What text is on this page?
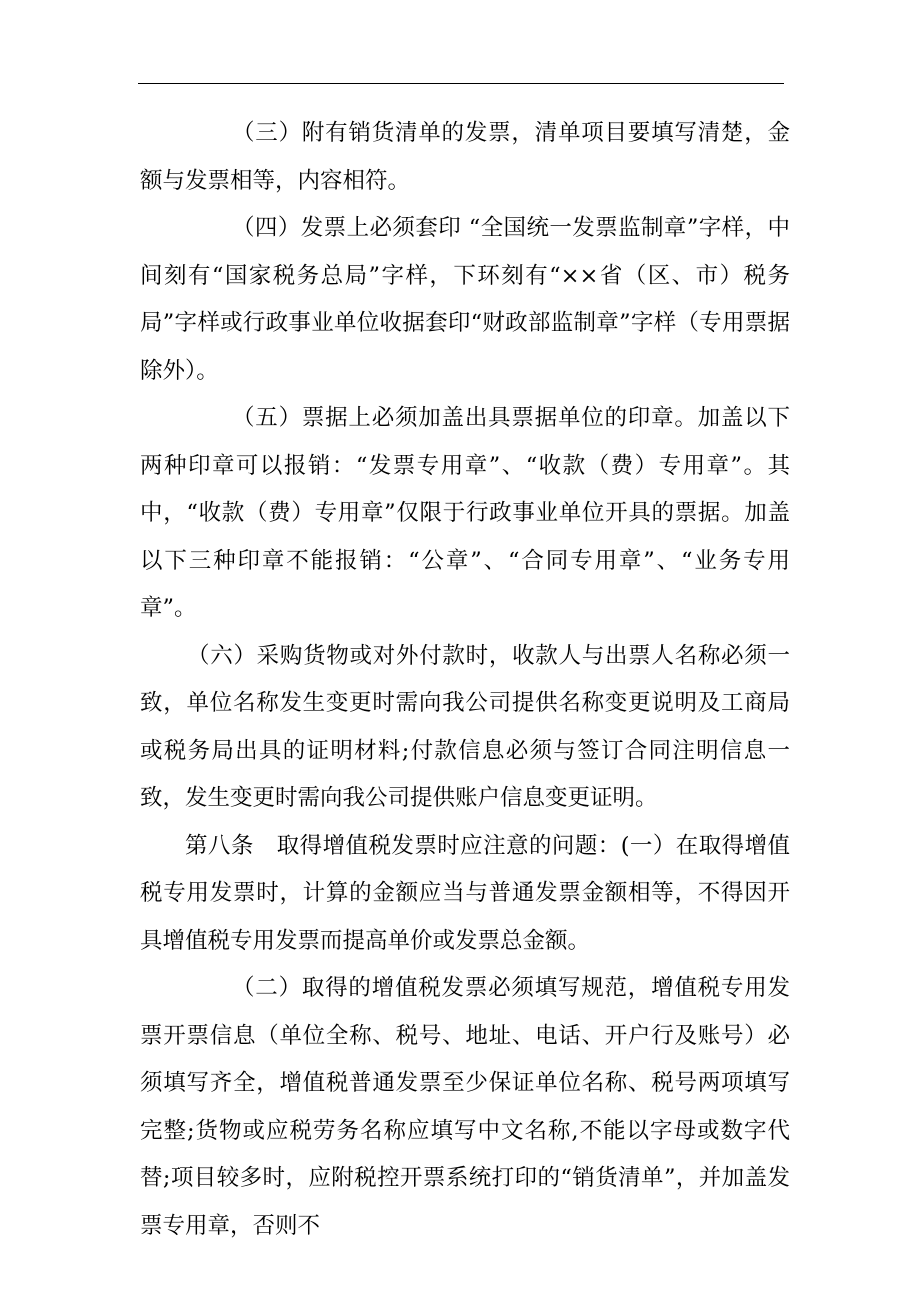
（三）附有销货清单的发票，清单项目要填写清楚，金额与发票相等，内容相符。

（四）发票上必须套印 “全国统一发票监制章”字样，中间刻有“国家税务总局”字样，下环刻有“××省（区、市）税务局”字样或行政事业单位收据套印“财政部监制章”字样（专用票据除外）。

（五）票据上必须加盖出具票据单位的印章。加盖以下两种印章可以报销：“发票专用章”、“收款（费）专用章”。其中，“收款（费）专用章”仅限于行政事业单位开具的票据。加盖以下三种印章不能报销：“公章”、“合同专用章”、“业务专用章”。

（六）采购货物或对外付款时，收款人与出票人名称必须一致，单位名称发生变更时需向我公司提供名称变更说明及工商局或税务局出具的证明材料;付款信息必须与签订合同注明信息一致，发生变更时需向我公司提供账户信息变更证明。

第八条　取得增值税发票时应注意的问题：(一）在取得增值税专用发票时，计算的金额应当与普通发票金额相等，不得因开具增值税专用发票而提高单价或发票总金额。

（二）取得的增值税发票必须填写规范，增值税专用发票开票信息（单位全称、税号、地址、电话、开户行及账号）必须填写齐全，增值税普通发票至少保证单位名称、税号两项填写完整;货物或应税劳务名称应填写中文名称,不能以字母或数字代替;项目较多时，应附税控开票系统打印的“销货清单”，并加盖发票专用章，否则不
